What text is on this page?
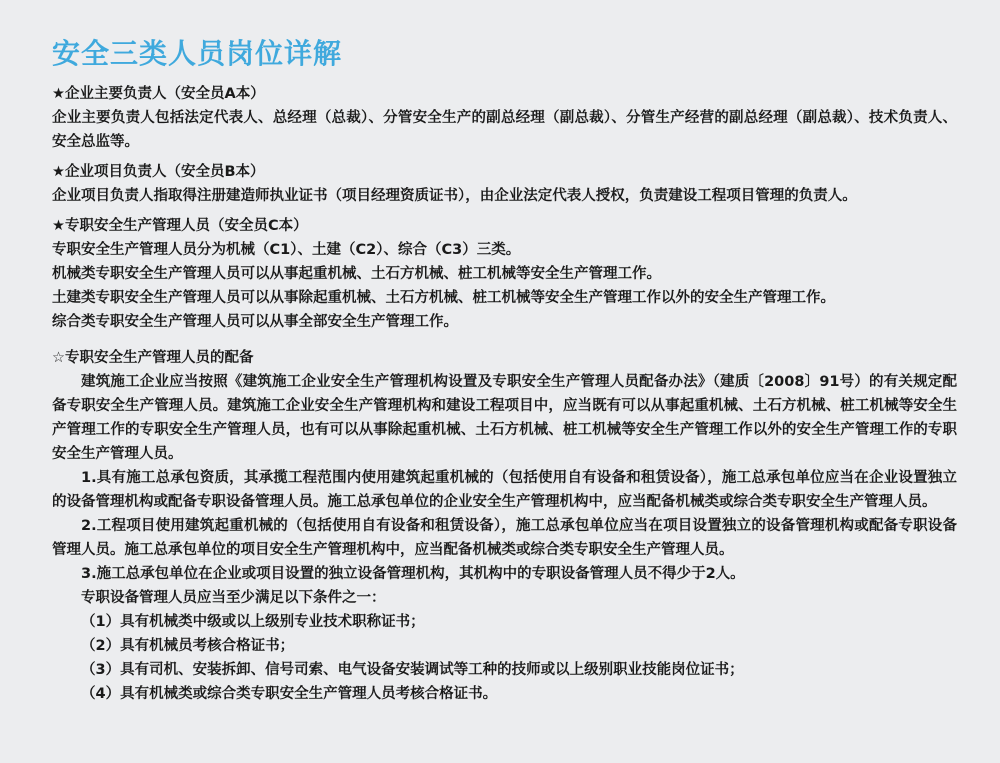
安全三类人员岗位详解

★企业主要负责人（安全员A本）

企业主要负责人包括法定代表人、总经理（总裁）、分管安全生产的副总经理（副总裁）、分管生产经营的副总经理（副总裁）、技术负责人、安全总监等。

★企业项目负责人（安全员B本）

企业项目负责人指取得注册建造师执业证书（项目经理资质证书），由企业法定代表人授权，负责建设工程项目管理的负责人。

★专职安全生产管理人员（安全员C本）

专职安全生产管理人员分为机械（C1）、土建（C2）、综合（C3）三类。

机械类专职安全生产管理人员可以从事起重机械、土石方机械、桩工机械等安全生产管理工作。

土建类专职安全生产管理人员可以从事除起重机械、土石方机械、桩工机械等安全生产管理工作以外的安全生产管理工作。

综合类专职安全生产管理人员可以从事全部安全生产管理工作。

☆专职安全生产管理人员的配备

建筑施工企业应当按照《建筑施工企业安全生产管理机构设置及专职安全生产管理人员配备办法》（建质〔2008〕91号）的有关规定配备专职安全生产管理人员。建筑施工企业安全生产管理机构和建设工程项目中，应当既有可以从事起重机械、土石方机械、桩工机械等安全生产管理工作的专职安全生产管理人员，也有可以从事除起重机械、土石方机械、桩工机械等安全生产管理工作以外的安全生产管理工作的专职安全生产管理人员。

1.具有施工总承包资质，其承揽工程范围内使用建筑起重机械的（包括使用自有设备和租赁设备），施工总承包单位应当在企业设置独立的设备管理机构或配备专职设备管理人员。施工总承包单位的企业安全生产管理机构中，应当配备机械类或综合类专职安全生产管理人员。

2.工程项目使用建筑起重机械的（包括使用自有设备和租赁设备），施工总承包单位应当在项目设置独立的设备管理机构或配备专职设备管理人员。施工总承包单位的项目安全生产管理机构中，应当配备机械类或综合类专职安全生产管理人员。

3.施工总承包单位在企业或项目设置的独立设备管理机构，其机构中的专职设备管理人员不得少于2人。

专职设备管理人员应当至少满足以下条件之一：

（1）具有机械类中级或以上级别专业技术职称证书；

（2）具有机械员考核合格证书；

（3）具有司机、安装拆卸、信号司索、电气设备安装调试等工种的技师或以上级别职业技能岗位证书；

（4）具有机械类或综合类专职安全生产管理人员考核合格证书。
